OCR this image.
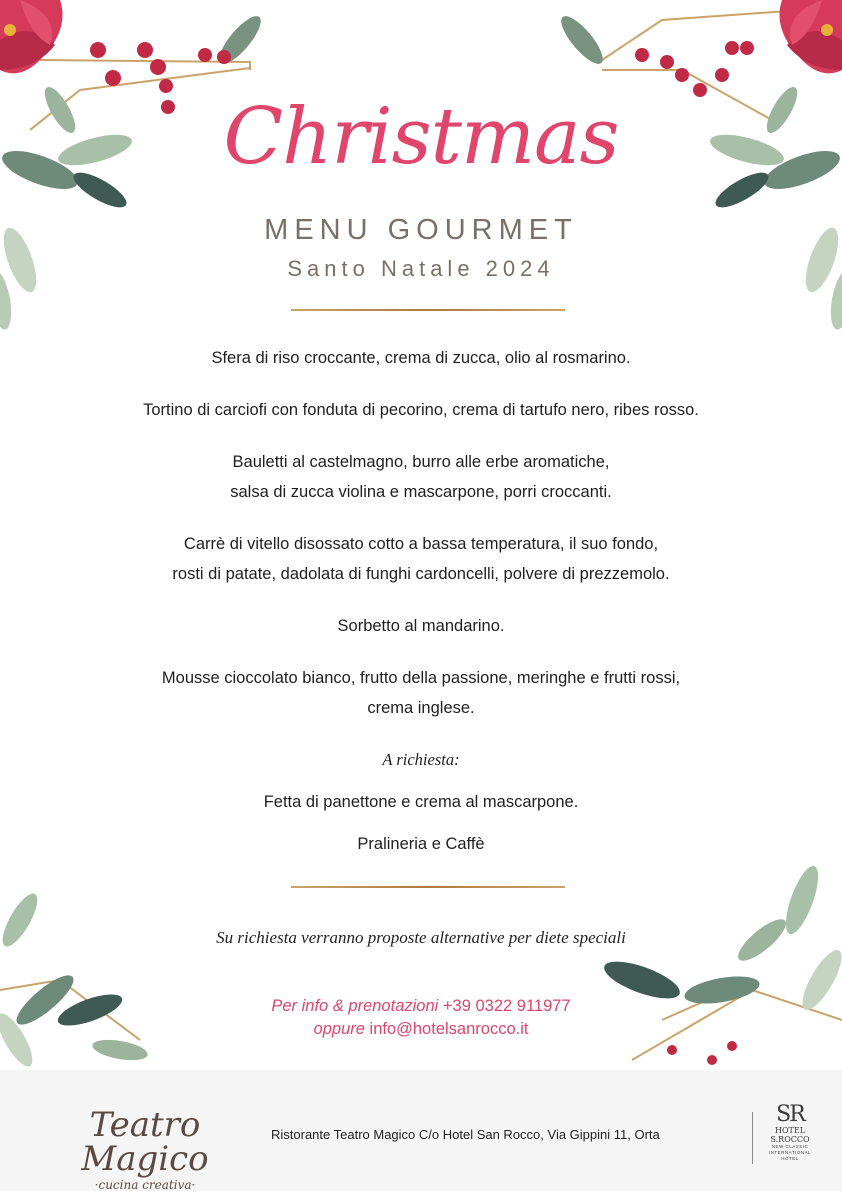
Christmas
MENU GOURMET
Santo Natale 2024
Sfera di riso croccante, crema di zucca, olio al rosmarino.
Tortino di carciofi con fonduta di pecorino, crema di tartufo nero, ribes rosso.
Bauletti al castelmagno, burro alle erbe aromatiche,
salsa di zucca violina e mascarpone, porri croccanti.
Carrè di vitello disossato cotto a bassa temperatura, il suo fondo,
rosti di patate, dadolata di funghi cardoncelli, polvere di prezzemolo.
Sorbetto al mandarino.
Mousse cioccolato bianco, frutto della passione, meringhe e frutti rossi,
crema inglese.
A richiesta:
Fetta di panettone e crema al mascarpone.
Pralineria e Caffè
Su richiesta verranno proposte alternative per diete speciali
Per info & prenotazioni +39 0322 911977
oppure info@hotelsanrocco.it
Teatro Magico
·cucina creativa·
Ristorante Teatro Magico C/o Hotel San Rocco, Via Gippini 11, Orta
SR
HOTEL
S.ROCCO
NEW CLASSIC
INTERNATIONAL HOTEL
